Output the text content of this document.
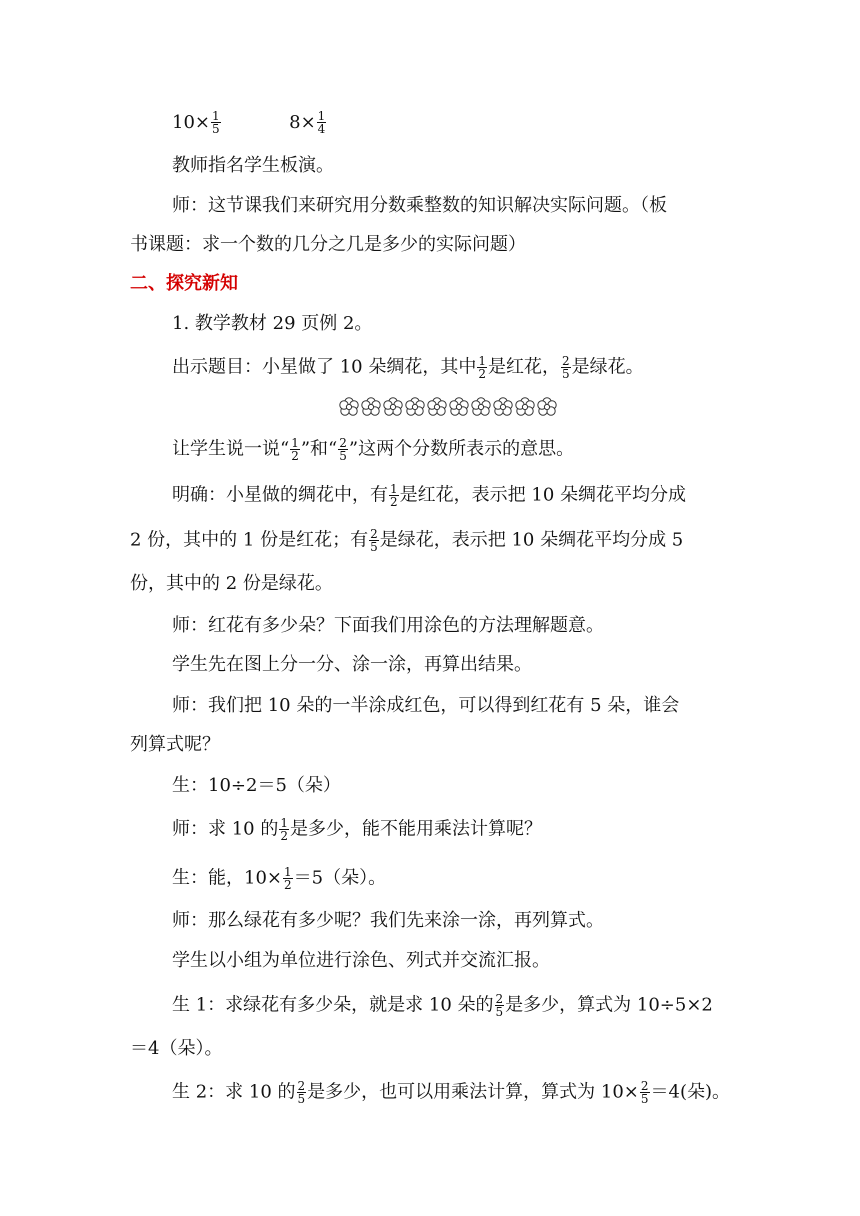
$10\times \frac{1}{5}$	$8\times \frac{1}{4}$
教师指名学生板演。
师：这节课我们来研究用分数乘整数的知识解决实际问题。（板
书课题：求一个数的几分之几是多少的实际问题）
二、探究新知
1. 教学教材 29 页例 2。
出示题目：小星做了 10 朵绸花，其中 $\frac{1}{2}$ 是红花， $\frac{2}{5}$ 是绿花。
让学生说一说“ $\frac{1}{2}$ ”和“ $\frac{2}{5}$ ”这两个分数所表示的意思。
明确：小星做的绸花中，有 $\frac{1}{2}$ 是红花，表示把 10 朵绸花平均分成
2 份，其中的 1 份是红花；有 $\frac{2}{5}$ 是绿花，表示把 10 朵绸花平均分成 5
份，其中的 2 份是绿花。
师：红花有多少朵？下面我们用涂色的方法理解题意。
学生先在图上分一分、涂一涂，再算出结果。
师：我们把 10 朵的一半涂成红色，可以得到红花有 5 朵，谁会
列算式呢？
生：10÷2＝5（朵）
师：求 10 的 $\frac{1}{2}$ 是多少，能不能用乘法计算呢？
生：能，$10\times \frac{1}{2} =5$（朵）。
师：那么绿花有多少呢？我们先来涂一涂，再列算式。
学生以小组为单位进行涂色、列式并交流汇报。
生 1：求绿花有多少朵，就是求 10 朵的 $\frac{2}{5}$ 是多少，算式为 10÷5×2
＝4（朵）。
生 2：求 10 的 $\frac{2}{5}$ 是多少，也可以用乘法计算，算式为 $10\times \frac{2}{5} =4$(朵)。
